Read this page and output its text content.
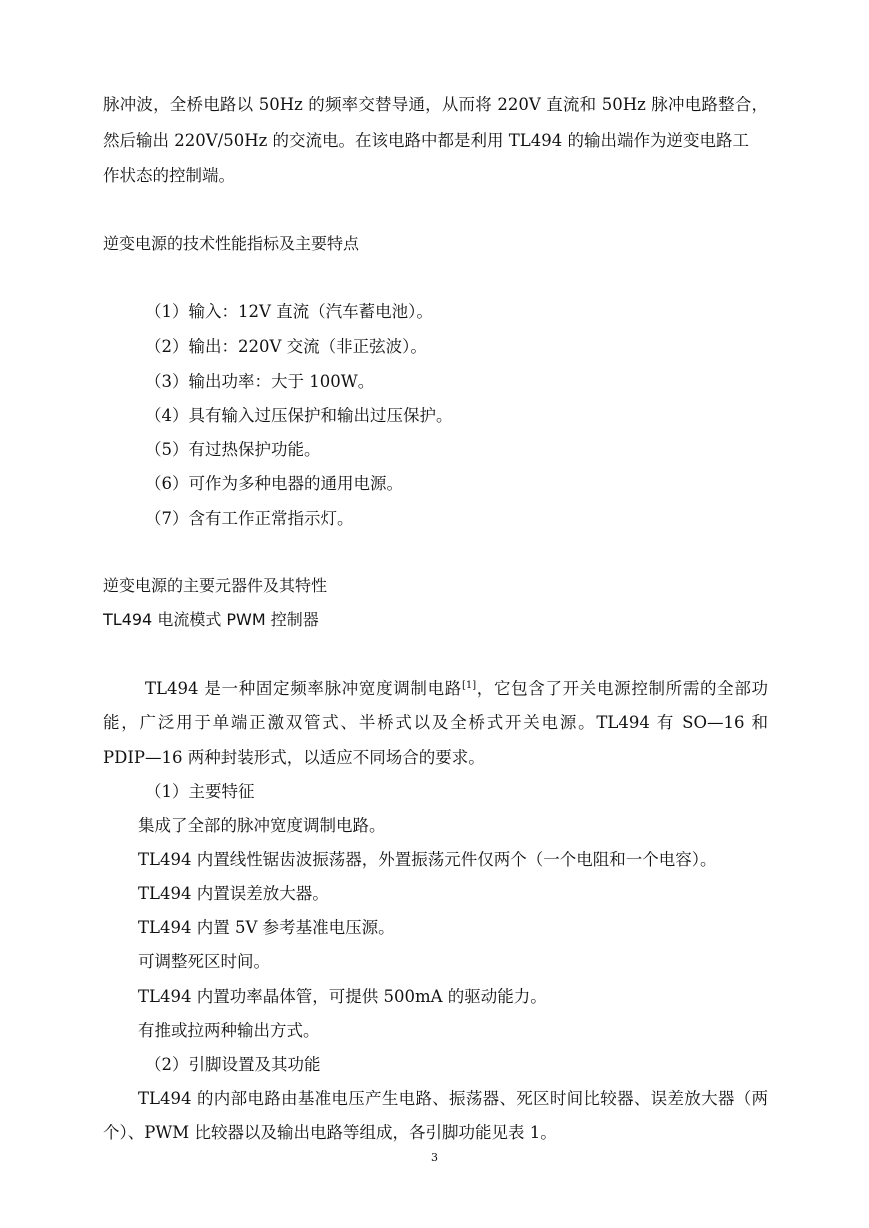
脉冲波，全桥电路以 50Hz 的频率交替导通，从而将 220V 直流和 50Hz 脉冲电路整合，
然后输出 220V/50Hz 的交流电。在该电路中都是利用 TL494 的输出端作为逆变电路工
作状态的控制端。
逆变电源的技术性能指标及主要特点
（1）输入：12V 直流（汽车蓄电池）。
（2）输出：220V 交流（非正弦波）。
（3）输出功率：大于 100W。
（4）具有输入过压保护和输出过压保护。
（5）有过热保护功能。
（6）可作为多种电器的通用电源。
（7）含有工作正常指示灯。
逆变电源的主要元器件及其特性
TL494 电流模式 PWM 控制器
TL494 是一种固定频率脉冲宽度调制电路[1]，它包含了开关电源控制所需的全部功
能，广泛用于单端正激双管式、半桥式以及全桥式开关电源。TL494 有 SO—16 和
PDIP—16 两种封装形式，以适应不同场合的要求。
（1）主要特征
集成了全部的脉冲宽度调制电路。
TL494 内置线性锯齿波振荡器，外置振荡元件仅两个（一个电阻和一个电容）。
TL494 内置误差放大器。
TL494 内置 5V 参考基准电压源。
可调整死区时间。
TL494 内置功率晶体管，可提供 500mA 的驱动能力。
有推或拉两种输出方式。
（2）引脚设置及其功能
TL494 的内部电路由基准电压产生电路、振荡器、死区时间比较器、误差放大器（两
个）、PWM 比较器以及输出电路等组成，各引脚功能见表 1。
3
